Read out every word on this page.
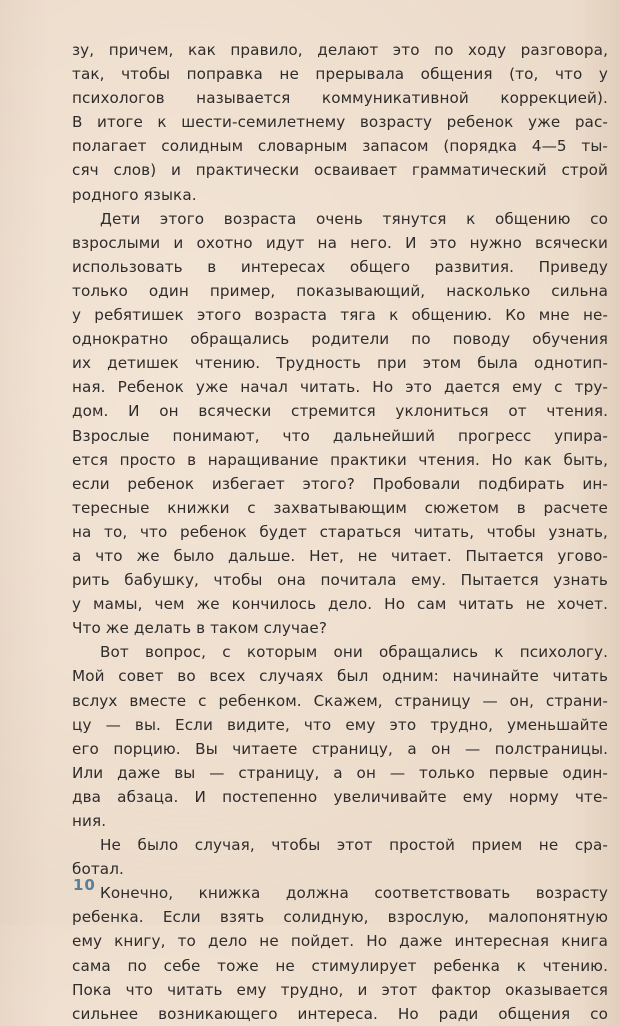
зу, причем, как правило, делают это по ходу разговора,
так, чтобы поправка не прерывала общения (то, что у
психологов называется коммуникативной коррекцией).
В итоге к шести-семилетнему возрасту ребенок уже рас-
полагает солидным словарным запасом (порядка 4—5 ты-
сяч слов) и практически осваивает грамматический строй
родного языка.
Дети этого возраста очень тянутся к общению со
взрослыми и охотно идут на него. И это нужно всячески
использовать в интересах общего развития. Приведу
только один пример, показывающий, насколько сильна
у ребятишек этого возраста тяга к общению. Ко мне не-
однократно обращались родители по поводу обучения
их детишек чтению. Трудность при этом была однотип-
ная. Ребенок уже начал читать. Но это дается ему с тру-
дом. И он всячески стремится уклониться от чтения.
Взрослые понимают, что дальнейший прогресс упира-
ется просто в наращивание практики чтения. Но как быть,
если ребенок избегает этого? Пробовали подбирать ин-
тересные книжки с захватывающим сюжетом в расчете
на то, что ребенок будет стараться читать, чтобы узнать,
а что же было дальше. Нет, не читает. Пытается угово-
рить бабушку, чтобы она почитала ему. Пытается узнать
у мамы, чем же кончилось дело. Но сам читать не хочет.
Что же делать в таком случае?
Вот вопрос, с которым они обращались к психологу.
Мой совет во всех случаях был одним: начинайте читать
вслух вместе с ребенком. Скажем, страницу — он, страни-
цу — вы. Если видите, что ему это трудно, уменьшайте
его порцию. Вы читаете страницу, а он — полстраницы.
Или даже вы — страницу, а он — только первые один-
два абзаца. И постепенно увеличивайте ему норму чте-
ния.
Не было случая, чтобы этот простой прием не сра-
ботал.
Конечно, книжка должна соответствовать возрасту
ребенка. Если взять солидную, взрослую, малопонятную
ему книгу, то дело не пойдет. Но даже интересная книга
сама по себе тоже не стимулирует ребенка к чтению.
Пока что читать ему трудно, и этот фактор оказывается
сильнее возникающего интереса. Но ради общения со
10
